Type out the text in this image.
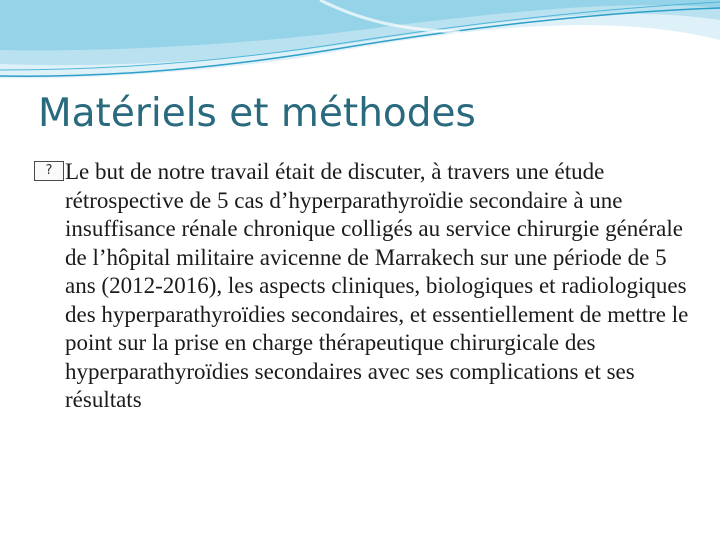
Matériels et méthodes
? Le but de notre travail était de discuter, à travers une étude rétrospective de 5 cas d’hyperparathyroïdie secondaire à une insuffisance rénale chronique colligés au service chirurgie générale de l’hôpital militaire avicenne de Marrakech sur une période de 5 ans (2012-2016), les aspects cliniques, biologiques et radiologiques des hyperparathyroïdies secondaires, et essentiellement de mettre le point sur la prise en charge thérapeutique chirurgicale des hyperparathyroïdies secondaires avec ses complications et ses résultats
